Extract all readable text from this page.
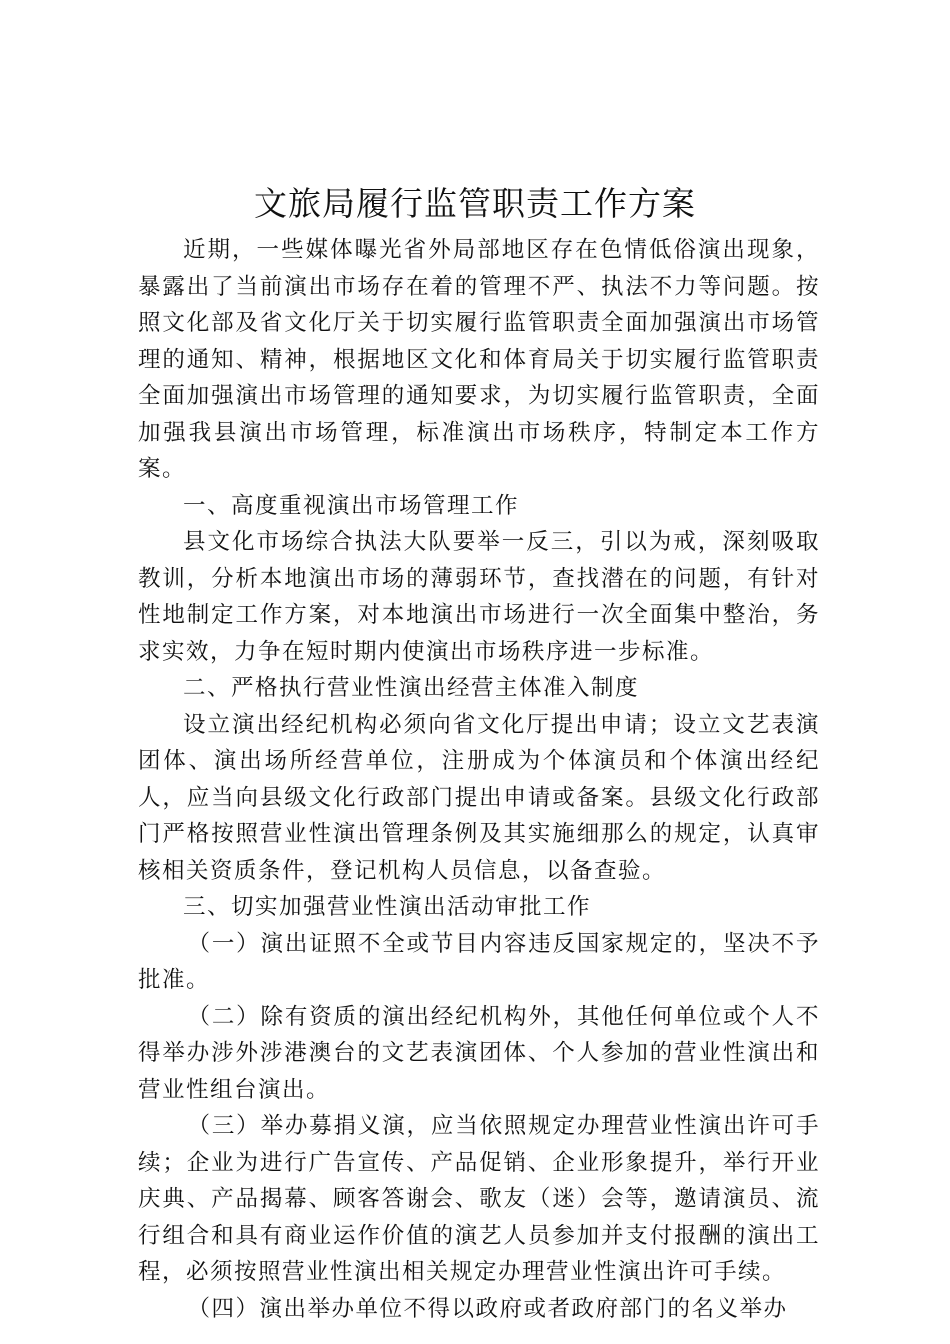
文旅局履行监管职责工作方案

近期，一些媒体曝光省外局部地区存在色情低俗演出现象，暴露出了当前演出市场存在着的管理不严、执法不力等问题。按照文化部及省文化厅关于切实履行监管职责全面加强演出市场管理的通知、精神，根据地区文化和体育局关于切实履行监管职责全面加强演出市场管理的通知要求，为切实履行监管职责，全面加强我县演出市场管理，标准演出市场秩序，特制定本工作方案。

一、高度重视演出市场管理工作

县文化市场综合执法大队要举一反三，引以为戒，深刻吸取教训，分析本地演出市场的薄弱环节，查找潜在的问题，有针对性地制定工作方案，对本地演出市场进行一次全面集中整治，务求实效，力争在短时期内使演出市场秩序进一步标准。

二、严格执行营业性演出经营主体准入制度

设立演出经纪机构必须向省文化厅提出申请；设立文艺表演团体、演出场所经营单位，注册成为个体演员和个体演出经纪人，应当向县级文化行政部门提出申请或备案。县级文化行政部门严格按照营业性演出管理条例及其实施细那么的规定，认真审核相关资质条件，登记机构人员信息，以备查验。

三、切实加强营业性演出活动审批工作

（一）演出证照不全或节目内容违反国家规定的，坚决不予批准。

（二）除有资质的演出经纪机构外，其他任何单位或个人不得举办涉外涉港澳台的文艺表演团体、个人参加的营业性演出和营业性组台演出。

（三）举办募捐义演，应当依照规定办理营业性演出许可手续；企业为进行广告宣传、产品促销、企业形象提升，举行开业庆典、产品揭幕、顾客答谢会、歌友（迷）会等，邀请演员、流行组合和具有商业运作价值的演艺人员参加并支付报酬的演出工程，必须按照营业性演出相关规定办理营业性演出许可手续。

（四）演出举办单位不得以政府或者政府部门的名义举办
